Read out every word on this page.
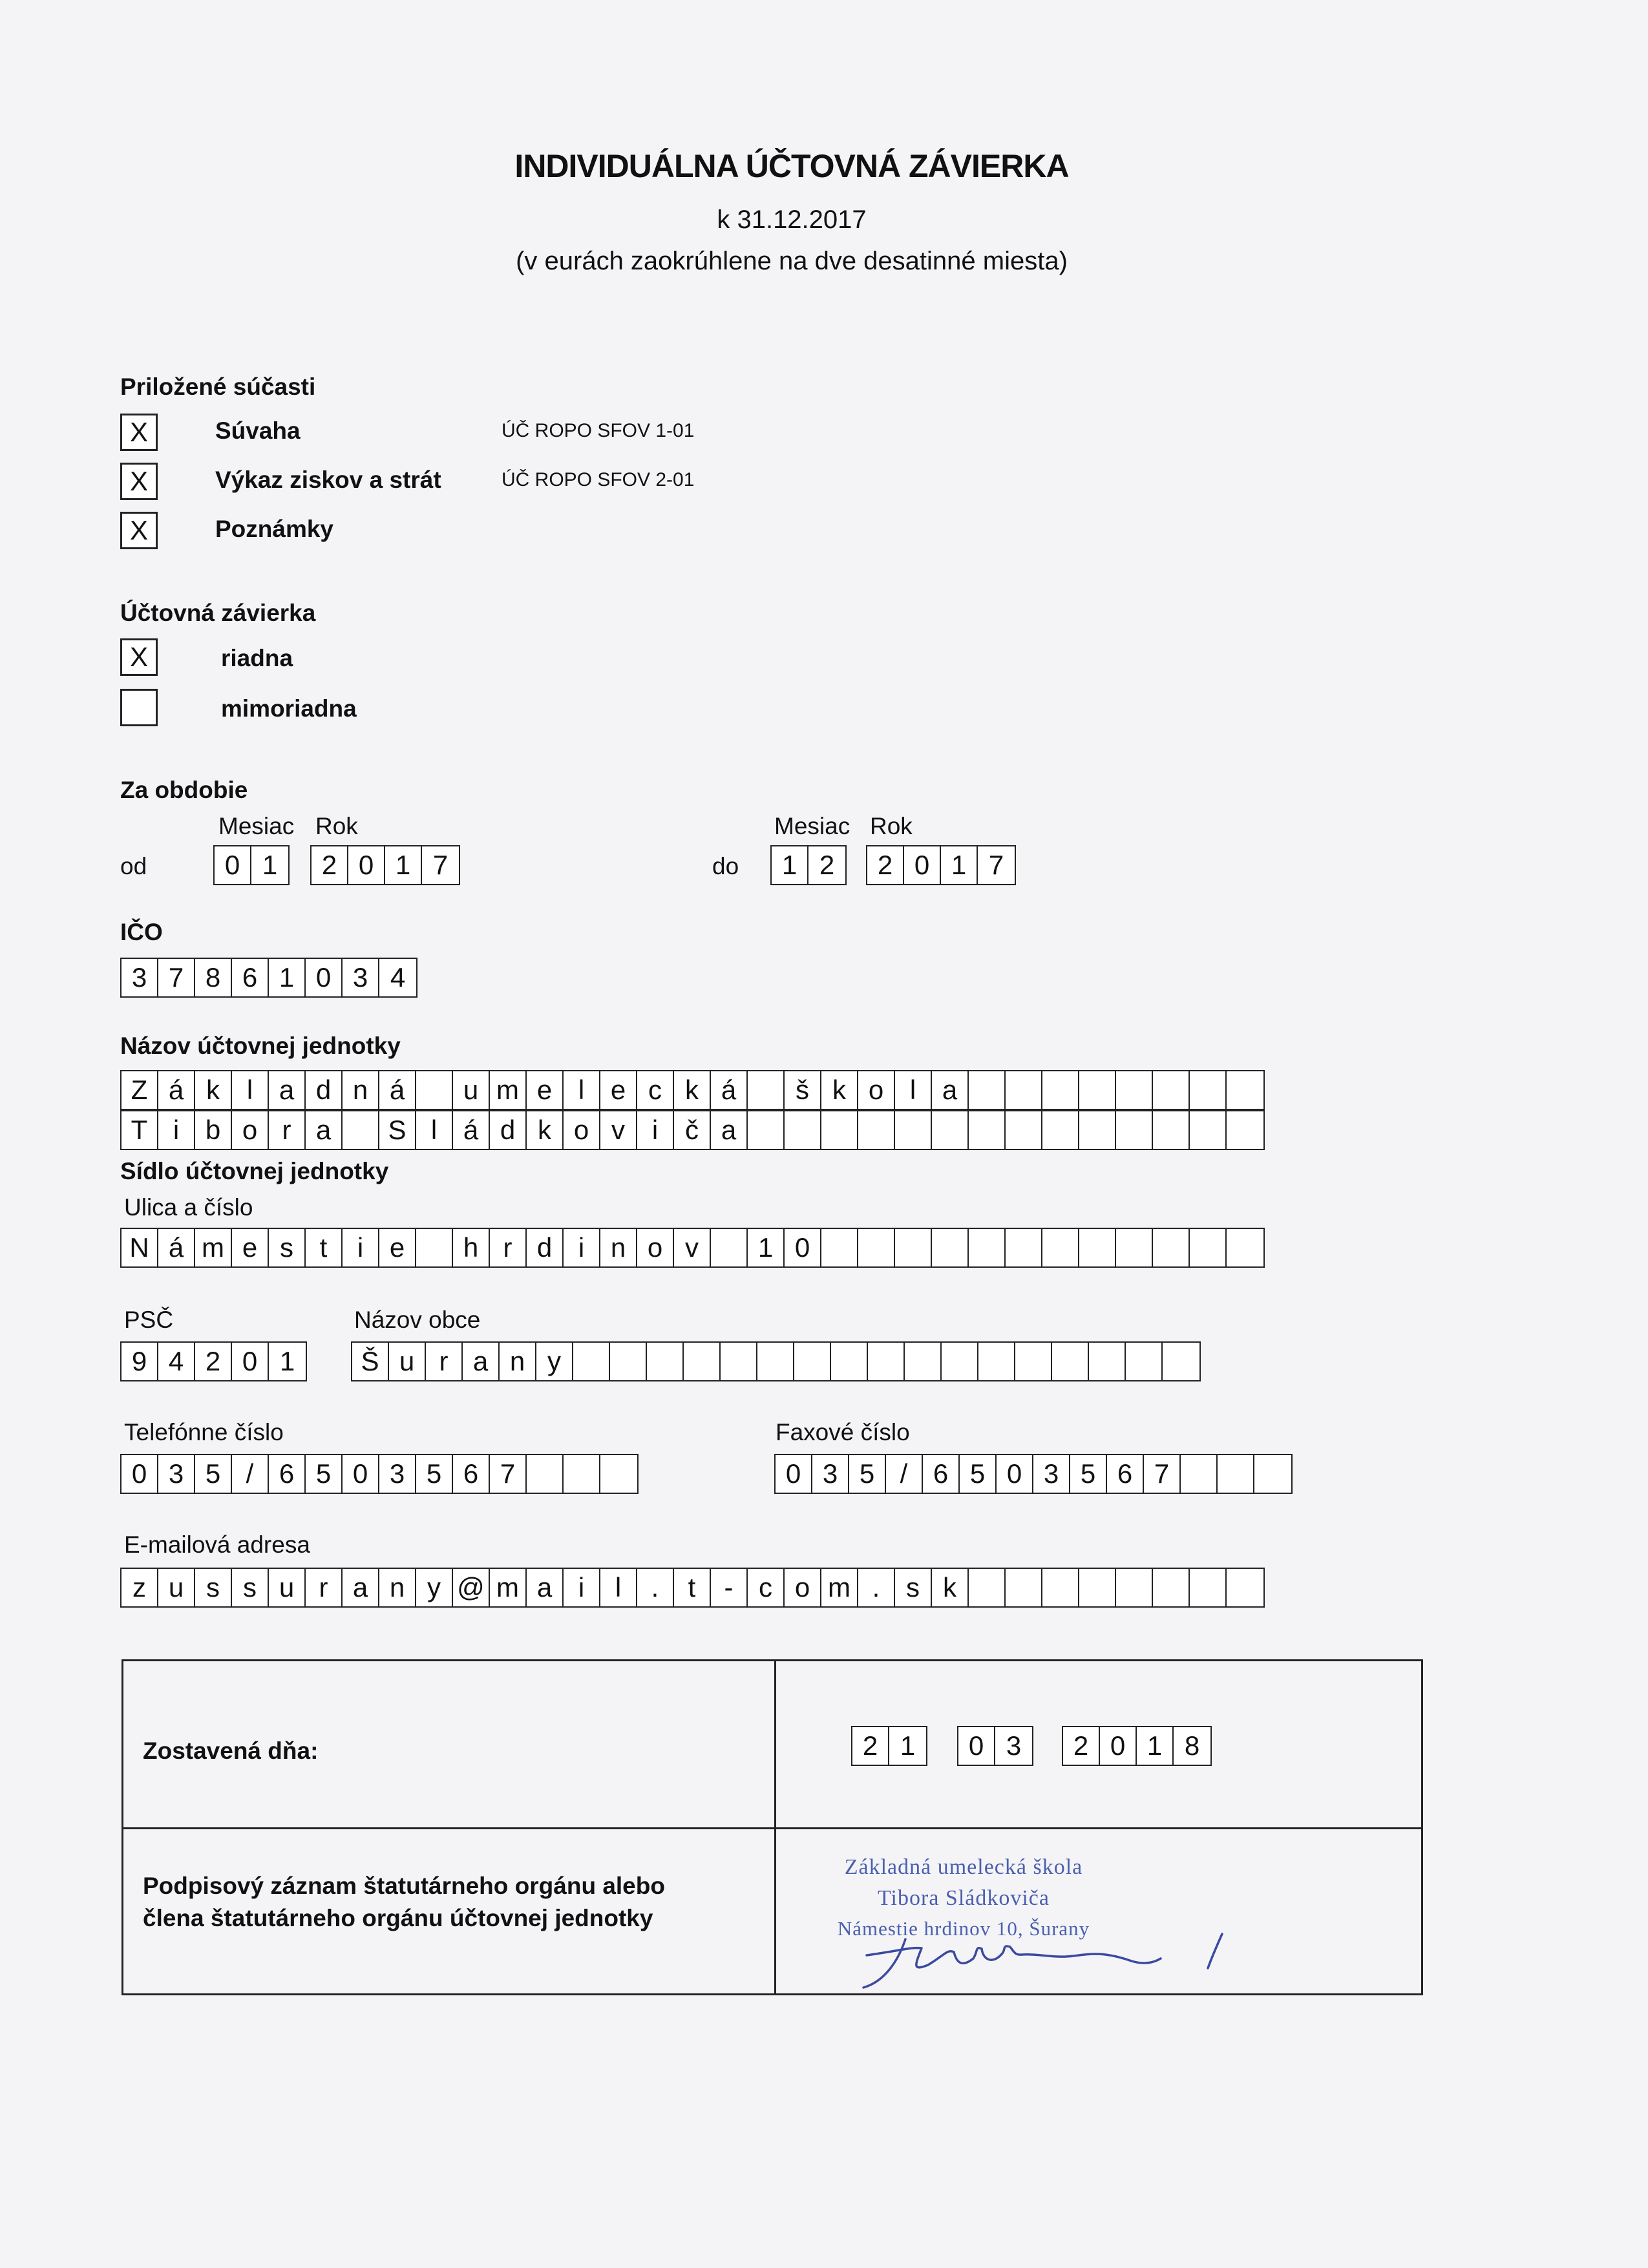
INDIVIDUÁLNA ÚČTOVNÁ ZÁVIERKA
k 31.12.2017
(v eurách zaokrúhlene na dve desatinné miesta)
Priložené súčasti
X	Súvaha	ÚČ ROPO SFOV 1-01
X	Výkaz ziskov a strát	ÚČ ROPO SFOV 2-01
X	Poznámky
Účtovná závierka
X	riadna
mimoriadna
Za obdobie
Mesiac Rok	Mesiac Rok
od	0 1	2 0 1 7	do	1 2	2 0 1 7
IČO
3 7 8 6 1 0 3 4
Názov účtovnej jednotky
Z á k l a d n á	u m e l e c k á	š k o l a
T i b o r a	S l á d k o v i č a
Sídlo účtovnej jednotky
Ulica a číslo
N á m e s t	i e	h r d i n o v	1 0
PSČ	Názov obce
9 4 2 0 1	Š u r a n y
Telefónne číslo	Faxové číslo
0 3 5 / 6 5 0 3 5 6 7	0 3 5 / 6 5 0 3 5 6 7
E-mailová adresa
z u s s u r a n y @ m a i	l	.	t	- c o m . s k
Zostavená dňa:	2 1	0 3	2 0 1 8
Podpisový záznam štatutárneho orgánu alebo
člena štatutárneho orgánu účtovnej jednotky
Základná umelecká škola
Tibora Sládkoviča
Námestie hrdinov 10, Šurany
